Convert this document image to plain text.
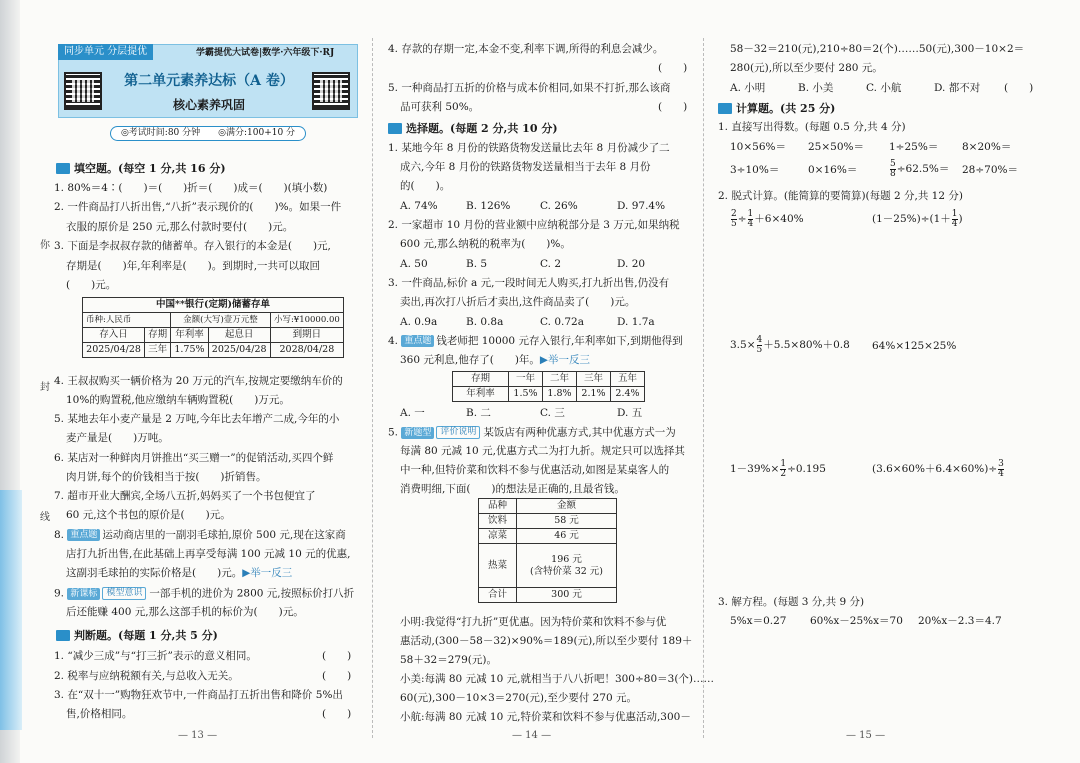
你
封
线
同步单元 分层提优	学霸提优大试卷|数学·六年级下·RJ
第二单元素养达标（A 卷）
核心素养巩固
◎考试时间:80 分钟　　◎满分:100+10 分
填空题。(每空 1 分,共 16 分)
1. 80%＝4∶(　　)＝(　　)折＝(　　)成＝(　　)(填小数)
2. 一件商品打八折出售,“八折”表示现价的(　　)%。如果一件
衣服的原价是 250 元,那么付款时要付(　　)元。
3. 下面是李叔叔存款的储蓄单。存入银行的本金是(　　)元,
存期是(　　)年,年利率是(　　)。到期时,一共可以取回
(　　)元。
中国**银行(定期)储蓄存单				
币种:人民币		金额(大写)壹万元整		小写:¥10000.00
存入日	存期	年利率	起息日	到期日
2025/04/28	三年	1.75%	2025/04/28	2028/04/28
4. 王叔叔购买一辆价格为 20 万元的汽车,按规定要缴纳车价的
10%的购置税,他应缴纳车辆购置税(　　)万元。
5. 某地去年小麦产量是 2 万吨,今年比去年增产二成,今年的小
麦产量是(　　)万吨。
6. 某店对一种鲜肉月饼推出“买三赠一”的促销活动,买四个鲜
肉月饼,每个的价钱相当于按(　　)折销售。
7. 超市开业大酬宾,全场八五折,妈妈买了一个书包便宜了
60 元,这个书包的原价是(　　)元。
8. 重点题 运动商店里的一副羽毛球拍,原价 500 元,现在这家商
店打九折出售,在此基础上再享受每满 100 元减 10 元的优惠,
这副羽毛球拍的实际价格是(　　)元。▶举一反三
9. 新课标 模型意识 一部手机的进价为 2800 元,按照标价打八折
后还能赚 400 元,那么这部手机的标价为(　　)元。
判断题。(每题 1 分,共 5 分)
1. “减少三成”与“打三折”表示的意义相同。	(　　)
2. 税率与应纳税额有关,与总收入无关。	(　　)
3. 在“双十一”购物狂欢节中,一件商品打五折出售和降价 5%出
售,价格相同。	(　　)
— 13 —
4. 存款的存期一定,本金不变,利率下调,所得的利息会减少。
(　　)
5. 一种商品打五折的价格与成本价相同,如果不打折,那么该商
品可获利 50%。	(　　)
选择题。(每题 2 分,共 10 分)
1. 某地今年 8 月份的铁路货物发送量比去年 8 月份减少了二
成六,今年 8 月份的铁路货物发送量相当于去年 8 月份
的(　　)。
A. 74%	B. 126%	C. 26%	D. 97.4%
2. 一家超市 10 月份的营业额中应纳税部分是 3 万元,如果纳税
600 元,那么纳税的税率为(　　)%。
A. 50	B. 5	C. 2	D. 20
3. 一件商品,标价 a 元,一段时间无人购买,打九折出售,仍没有
卖出,再次打八折后才卖出,这件商品卖了(　　)元。
A. 0.9a	B. 0.8a	C. 0.72a	D. 1.7a
4. 重点题 钱老师把 10000 元存入银行,年利率如下,到期他得到
360 元利息,他存了(　　)年。▶举一反三
存期	一年	二年	三年	五年
年利率	1.5%	1.8%	2.1%	2.4%
A. 一	B. 二	C. 三	D. 五
5. 新题型 评价说明 某饭店有两种优惠方式,其中优惠方式一为
每满 80 元减 10 元,优惠方式二为打九折。规定只可以选择其
中一种,但特价菜和饮料不参与优惠活动,如图是某桌客人的
消费明细,下面(　　)的想法是正确的,且最省钱。
品种	金额
饮料	58 元
凉菜	46 元
热菜	196 元
(含特价菜 32 元)

合计	300 元
小明:我觉得“打九折”更优惠。因为特价菜和饮料不参与优
惠活动,(300－58－32)×90%＝189(元),所以至少要付 189＋
58＋32＝279(元)。
小美:每满 80 元减 10 元,就相当于八八折吧！300÷80＝3(个)……
60(元),300－10×3＝270(元),至少要付 270 元。
小航:每满 80 元减 10 元,特价菜和饮料不参与优惠活动,300－
— 14 —
58－32＝210(元),210÷80＝2(个)……50(元),300－10×2＝
280(元),所以至少要付 280 元。
A. 小明	B. 小美	C. 小航	D. 都不对 (　　)
计算题。(共 25 分)
1. 直接写出得数。(每题 0.5 分,共 4 分)
10×56%＝ 25×50%＝ 1÷25%＝ 8×20%＝
3÷10%＝	0×16%＝	$\frac{5}{8} \div 62.5\%= 28\div 70\%=$
2. 脱式计算。(能简算的要简算)(每题 2 分,共 12 分)
$\frac{2}{5} \div \frac{1}{4} +6\times 40\%$	$(1-25\%)\div(1+ \frac{1}{4}$ )
$3.5\times \frac{4}{5} +5.5\times 80\%+0.8$ 64%×125×25%
$1-39\%\times \frac{1}{2} \div 0.195$	$(3.6\times 60\%+6.4\times 60\%)\div \frac{3}{4}$
3. 解方程。(每题 3 分,共 9 分)
5%x＝0.27 60%x－25%x＝70 20%x－2.3＝4.7
— 15 —
